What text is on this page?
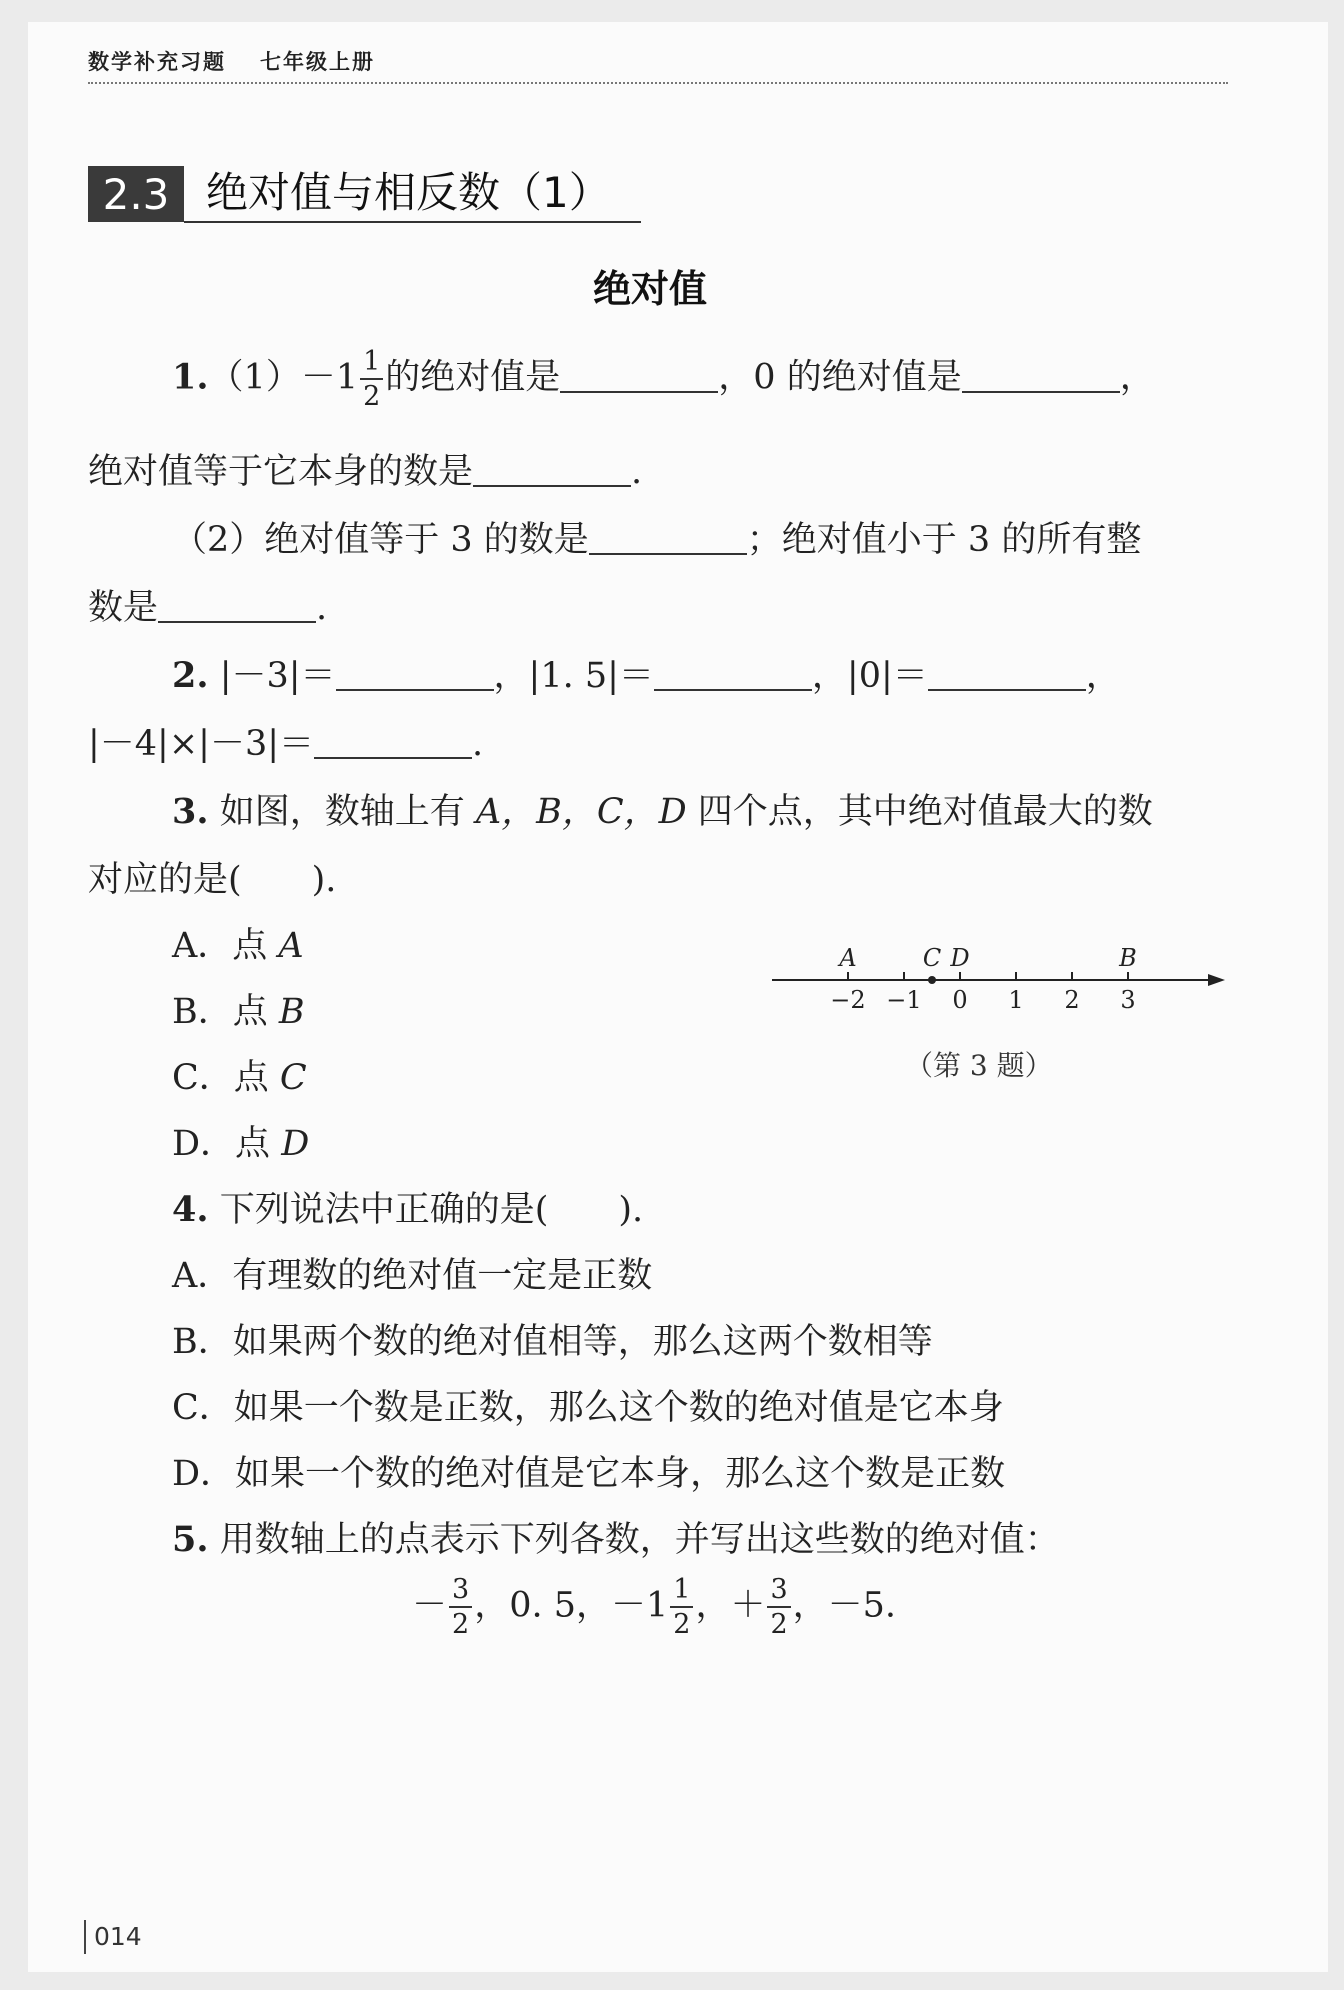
数学补充习题 七年级上册
2.3 绝对值与相反数（1）
绝对值
$1.(1)-1 \frac{1}{2}$ 的绝对值是	，0 的绝对值是	，
绝对值等于它本身的数是	.
（2）绝对值等于 3 的数是	；绝对值小于 3 的所有整
数是	.
2. |－3|＝	，|1. 5|＝	，|0|＝	，
|－4|×|－3|＝	.
3. 如图，数轴上有 A，B，C，D 四个点，其中绝对值最大的数
对应的是(　　).
A．点 A
B．点 B
C．点 C
D．点 D
−2 −1 0 1 2 3
A	C D	B
（第 3 题）
4. 下列说法中正确的是(　　).
A．有理数的绝对值一定是正数
B．如果两个数的绝对值相等，那么这两个数相等
C．如果一个数是正数，那么这个数的绝对值是它本身
D．如果一个数的绝对值是它本身，那么这个数是正数
5. 用数轴上的点表示下列各数，并写出这些数的绝对值：
－ $\frac{3}{2}$ ，0. 5，$-1 \frac{1}{2}$ ，＋ $\frac{3}{2}$ ，－5.
014
